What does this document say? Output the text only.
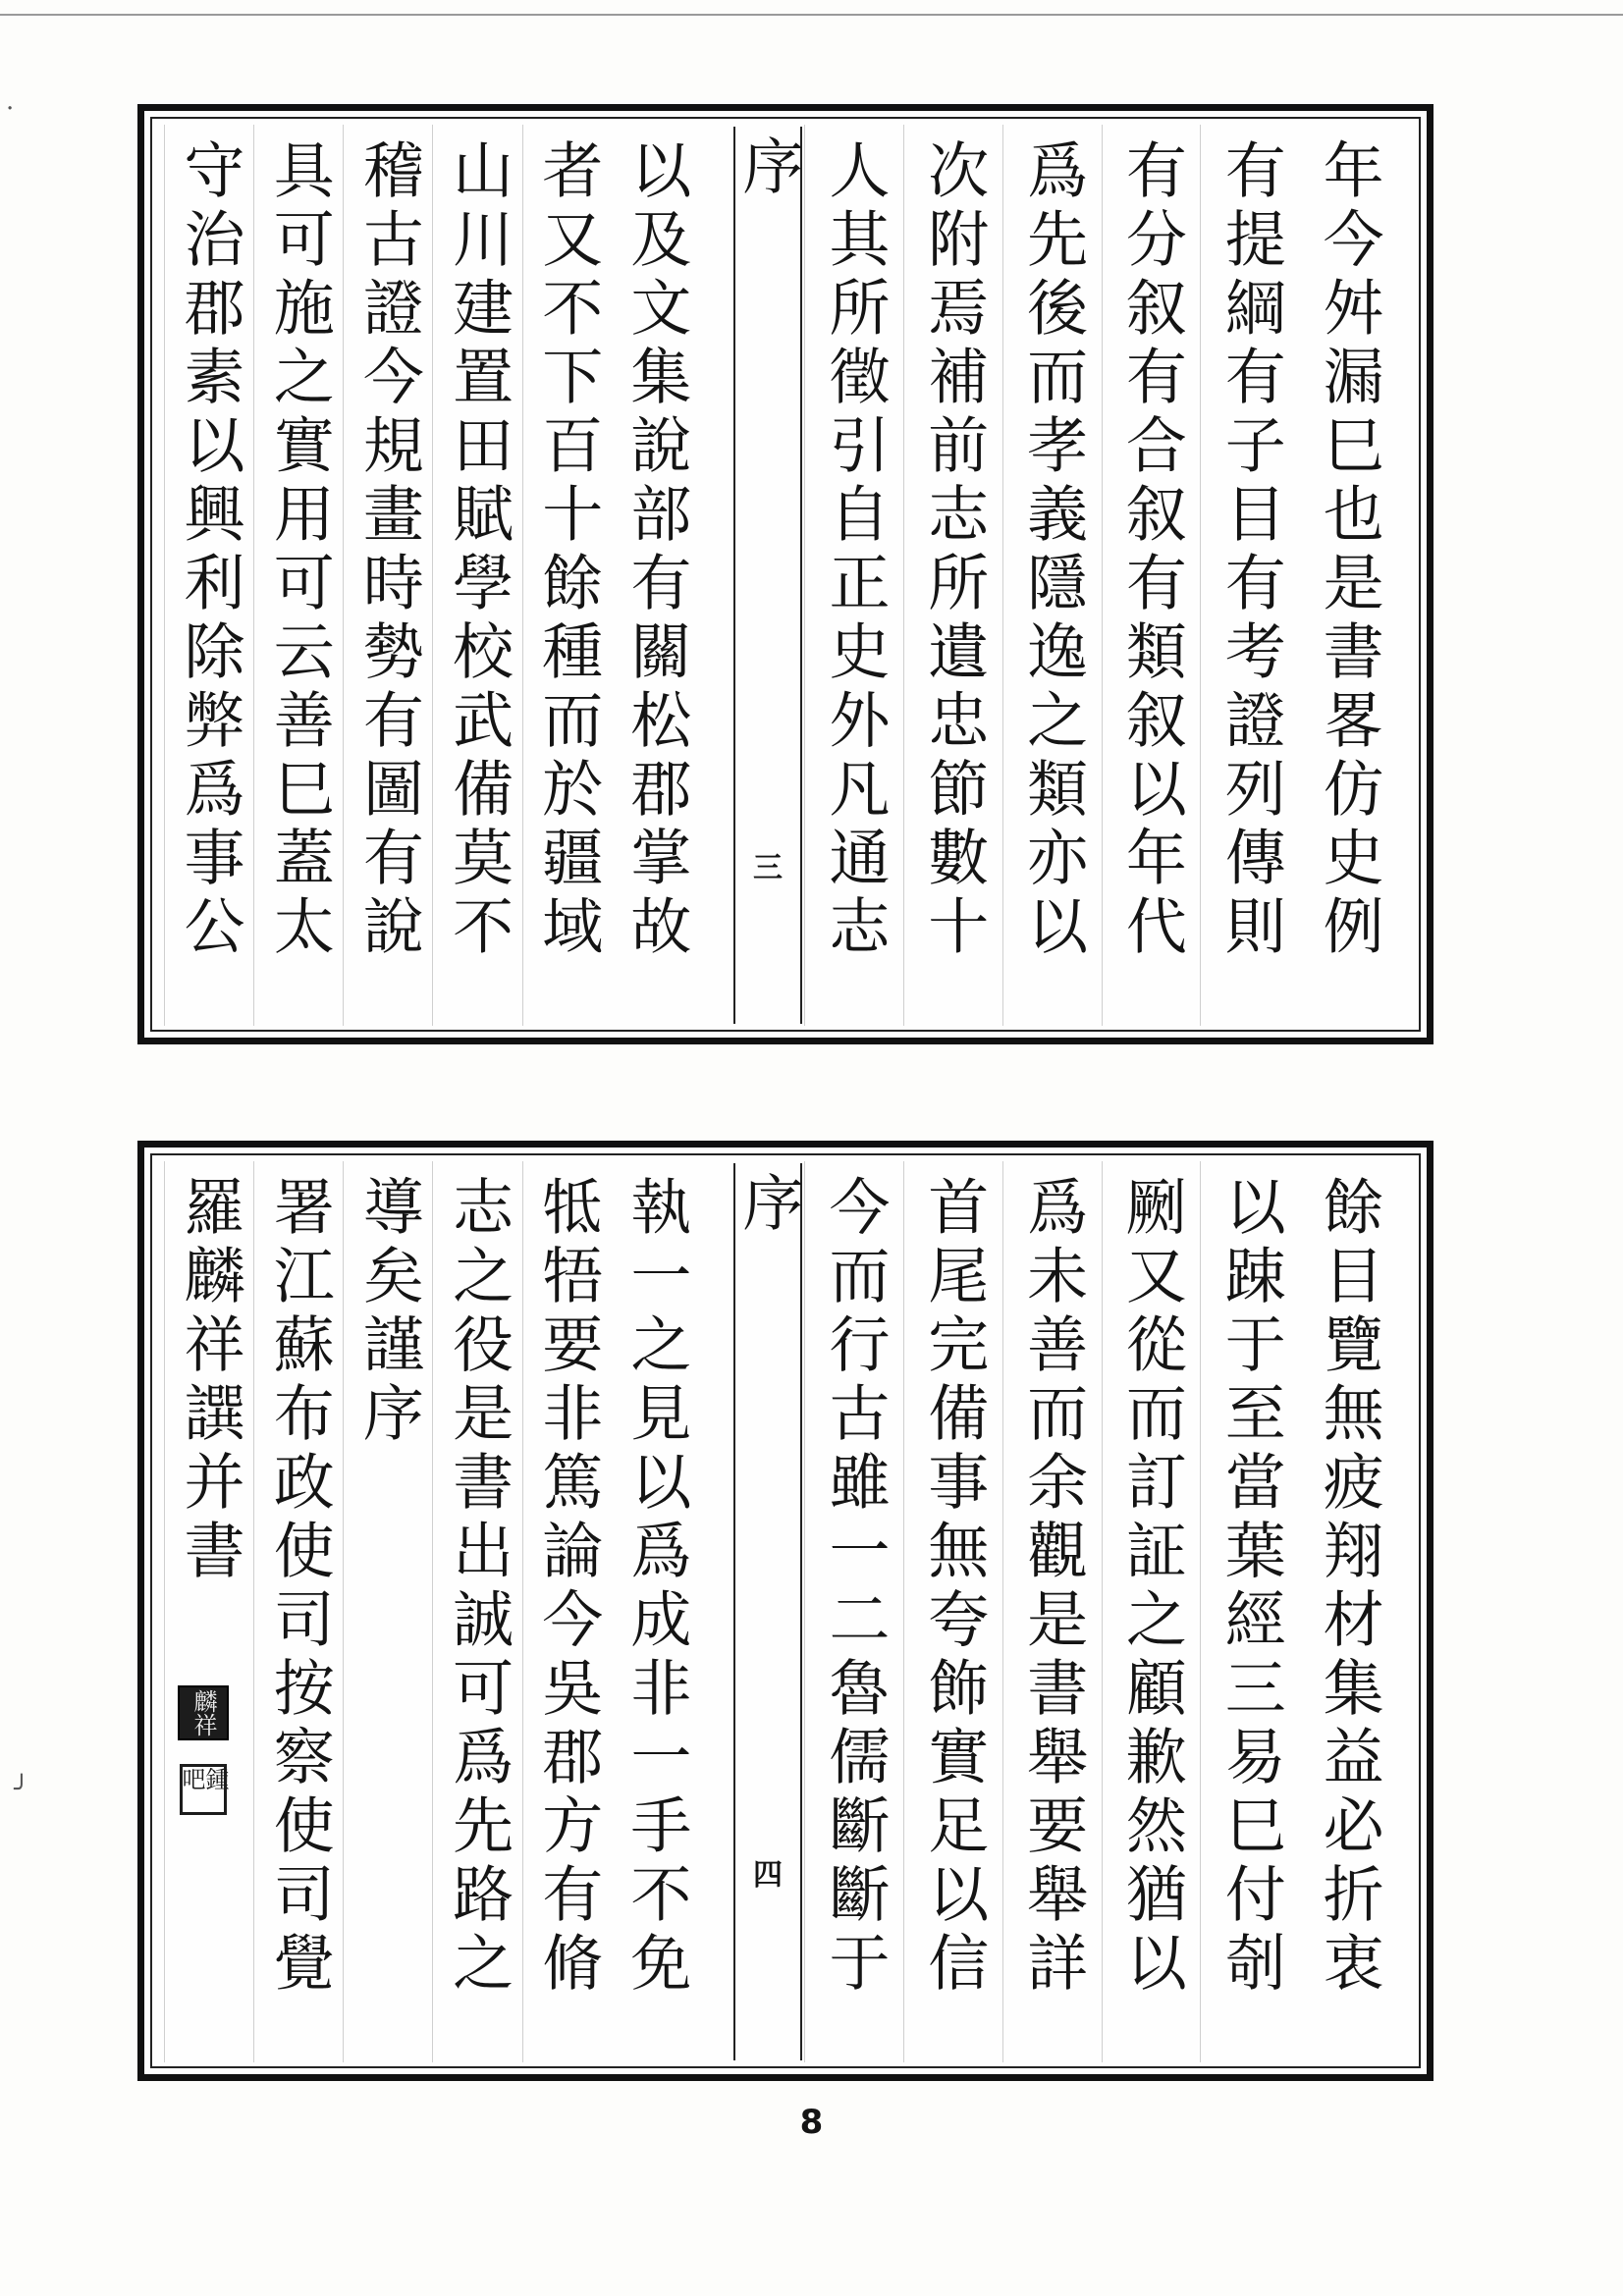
年今舛漏巳也是書畧仿史例
有提綱有子目有考證列傳則
有分叙有合叙有類叙以年代
爲先後而孝義隱逸之類亦以
次附焉補前志所遺忠節數十
人其所徵引自正史外凡通志
序
三
以及文集說部有關松郡掌故
者又不下百十餘種而於疆域
山川建置田賦學校武備莫不
稽古證今規畫時勢有圖有說
具可施之實用可云善巳蓋太
守治郡素以興利除弊爲事公
餘目覽無疲翔材集益必折衷
以踈于至當葉經三易巳付剞
劂又從而訂証之顧歉然猶以
爲未善而余觀是書舉要舉詳
首尾完備事無夸飾實足以信
今而行古雖一二魯儒斷斷于
序
四
執一之見以爲成非一手不免
牴牾要非篤論今吳郡方有脩
志之役是書出誠可爲先路之
導矣謹序
署江蘇布政使司按察使司覺
羅麟祥譔并書
麟祥
鍾吧
8
·
╯
